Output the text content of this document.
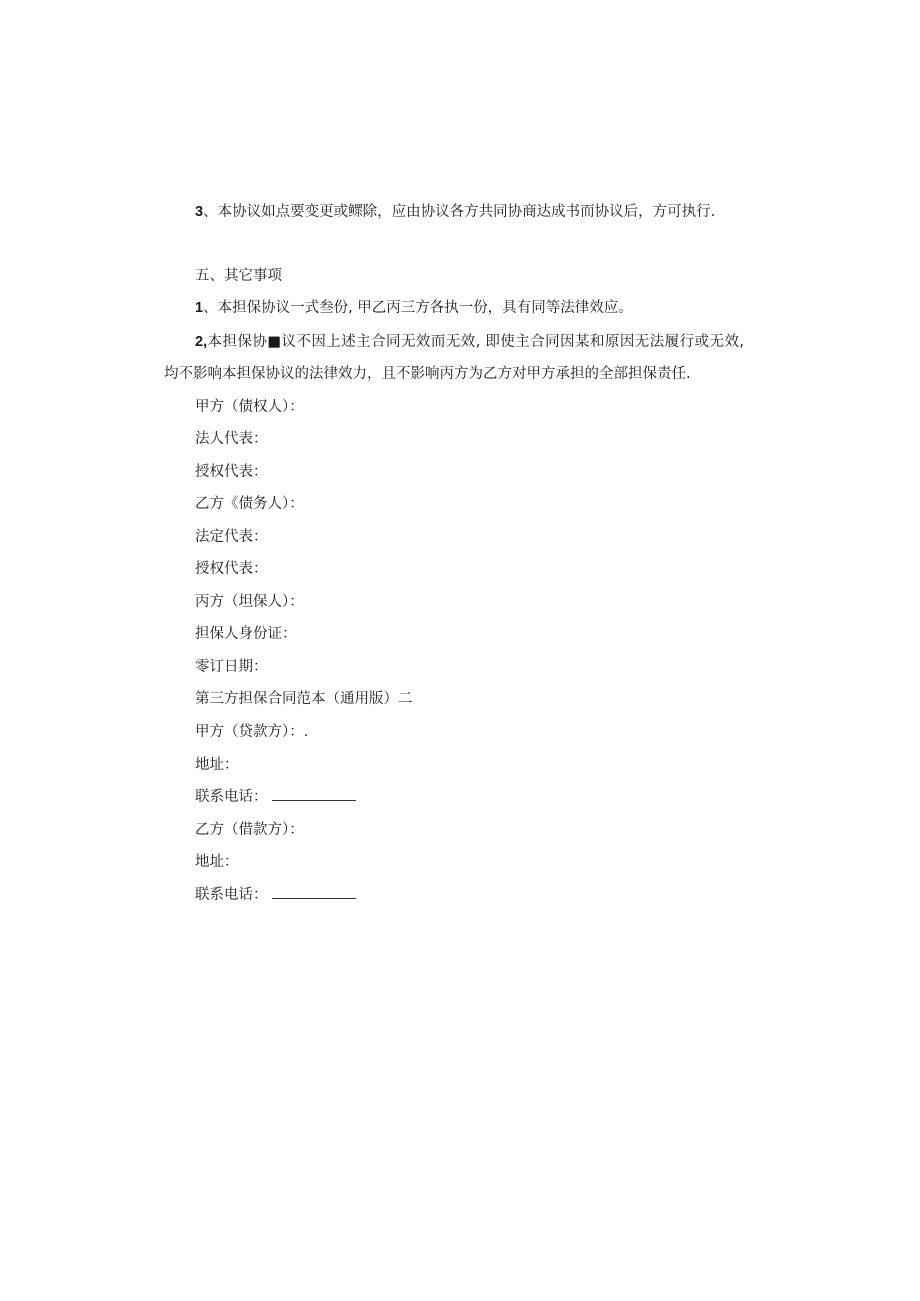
3、本协议如点要变更或鳏除，应由协议各方共同协商达成书而协议后，方可执行.

五、其它事项
1、本担保协议一式叁份, 甲乙丙三方各执一份，具有同等法律效应。

2,本担保协■议不因上述主合同无效而无效, 即使主合同因某和原因无法履行或无效, 均不影响本担保协议的法律效力，且不影响丙方为乙方对甲方承担的全部担保责任.

甲方（债权人）：
法人代表：
授权代表：
乙方《债务人）：
法定代表：
授权代表：
丙方（坦保人）：
担保人身份证：
零订日期：
第三方担保合同范本（通用版）二
甲方（贷款方）：.
地址：
联系电话：
乙方（借款方）：
地址：
联系电话：
